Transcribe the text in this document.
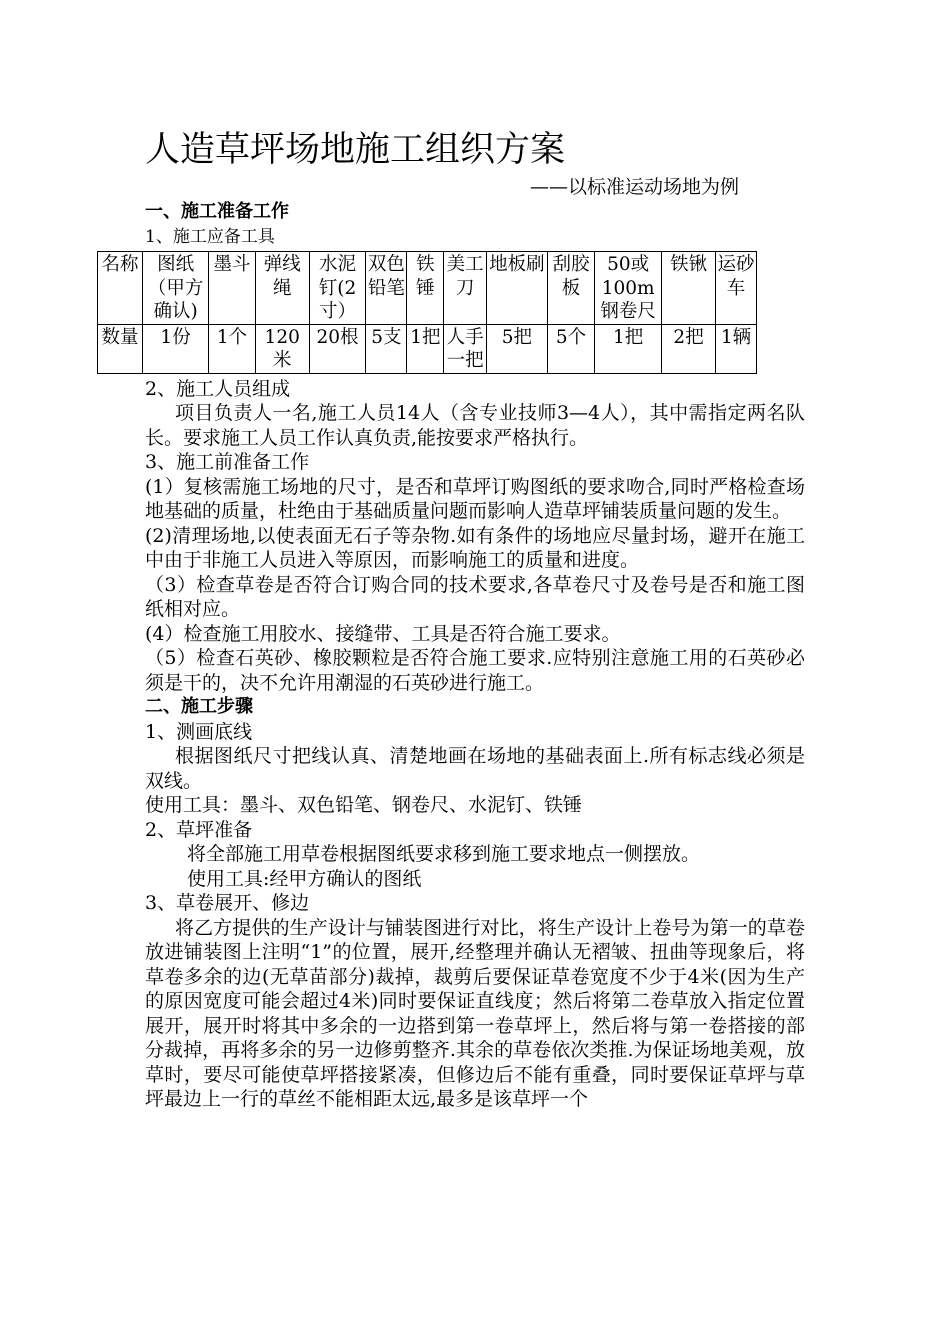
人造草坪场地施工组织方案
——以标准运动场地为例

一、施工准备工作

1、施工应备工具

名称	图纸（甲方确认)	墨斗	弹线绳	水泥钉(2寸）	双色铅笔	铁锤	美工刀	地板刷	刮胶板	50或100m钢卷尺	铁锹	运砂车
数量	1份	1个	120米	20根	5支	1把	人手一把	5把	5个	1把	2把	1辆

2、施工人员组成

项目负责人一名,施工人员14人（含专业技师3—4人），其中需指定两名队长。要求施工人员工作认真负责,能按要求严格执行。

3、施工前准备工作

(1）复核需施工场地的尺寸，是否和草坪订购图纸的要求吻合,同时严格检查场地基础的质量，杜绝由于基础质量问题而影响人造草坪铺装质量问题的发生。

(2)清理场地,以使表面无石子等杂物.如有条件的场地应尽量封场，避开在施工中由于非施工人员进入等原因，而影响施工的质量和进度。

（3）检查草卷是否符合订购合同的技术要求,各草卷尺寸及卷号是否和施工图纸相对应。

(4）检查施工用胶水、接缝带、工具是否符合施工要求。

（5）检查石英砂、橡胶颗粒是否符合施工要求.应特别注意施工用的石英砂必须是干的，决不允许用潮湿的石英砂进行施工。

二、施工步骤

1、测画底线

根据图纸尺寸把线认真、清楚地画在场地的基础表面上.所有标志线必须是双线。

使用工具：墨斗、双色铅笔、钢卷尺、水泥钉、铁锤

2、草坪准备

将全部施工用草卷根据图纸要求移到施工要求地点一侧摆放。

使用工具:经甲方确认的图纸

3、草卷展开、修边

将乙方提供的生产设计与铺装图进行对比，将生产设计上卷号为第一的草卷放进铺装图上注明“1”的位置，展开,经整理并确认无褶皱、扭曲等现象后，将草卷多余的边(无草苗部分)裁掉，裁剪后要保证草卷宽度不少于4米(因为生产的原因宽度可能会超过4米)同时要保证直线度；然后将第二卷草放入指定位置展开，展开时将其中多余的一边搭到第一卷草坪上，然后将与第一卷搭接的部分裁掉，再将多余的另一边修剪整齐.其余的草卷依次类推.为保证场地美观，放草时，要尽可能使草坪搭接紧凑，但修边后不能有重叠，同时要保证草坪与草坪最边上一行的草丝不能相距太远,最多是该草坪一个
